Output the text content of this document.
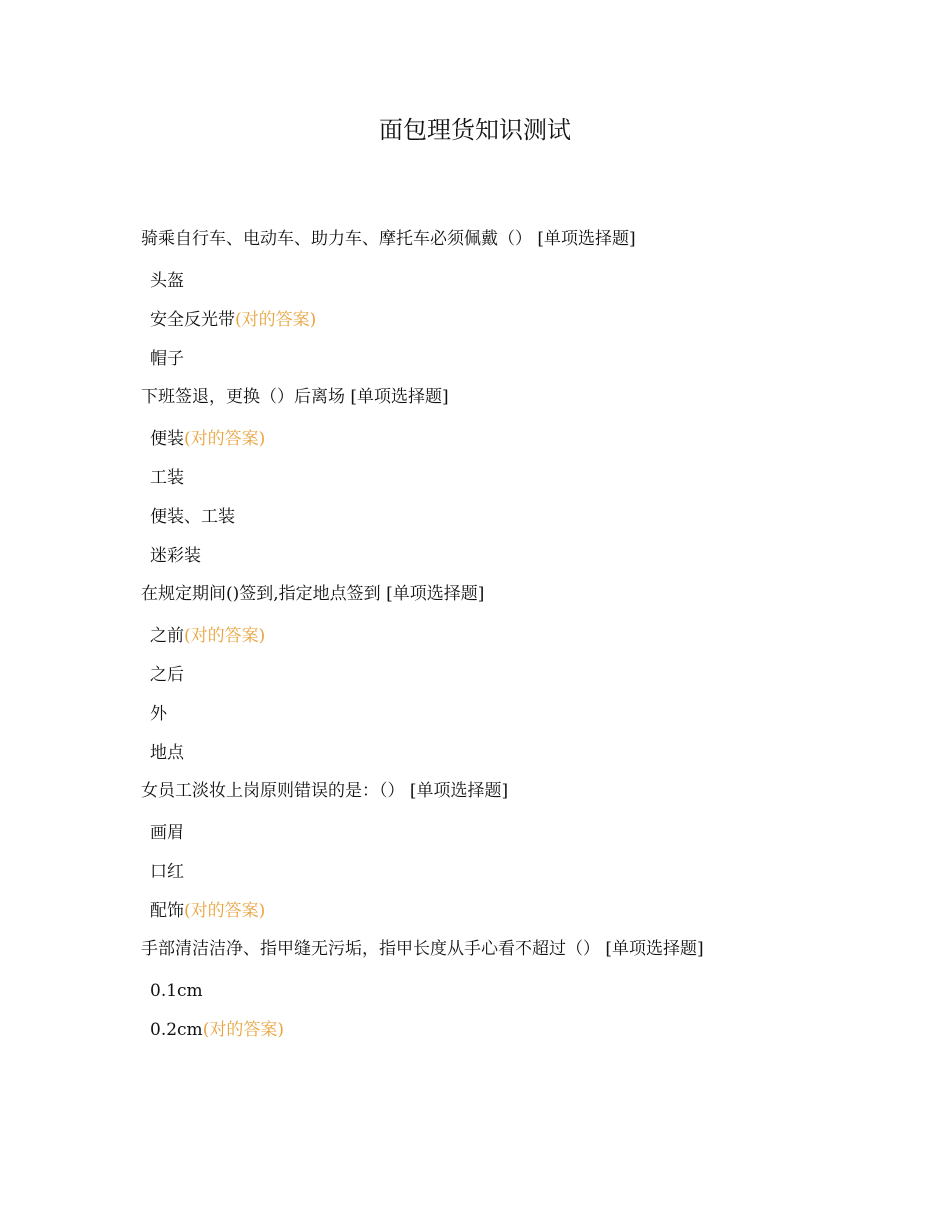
面包理货知识测试
骑乘自行车、电动车、助力车、摩托车必须佩戴（） [单项选择题]
头盔
安全反光带(对的答案)
帽子
下班签退，更换（）后离场 [单项选择题]
便装(对的答案)
工装
便装、工装
迷彩装
在规定期间()签到,指定地点签到 [单项选择题]
之前(对的答案)
之后
外
地点
女员工淡妆上岗原则错误的是：（） [单项选择题]
画眉
口红
配饰(对的答案)
手部清洁洁净、指甲缝无污垢，指甲长度从手心看不超过（） [单项选择题]
0.1cm
0.2cm(对的答案)
